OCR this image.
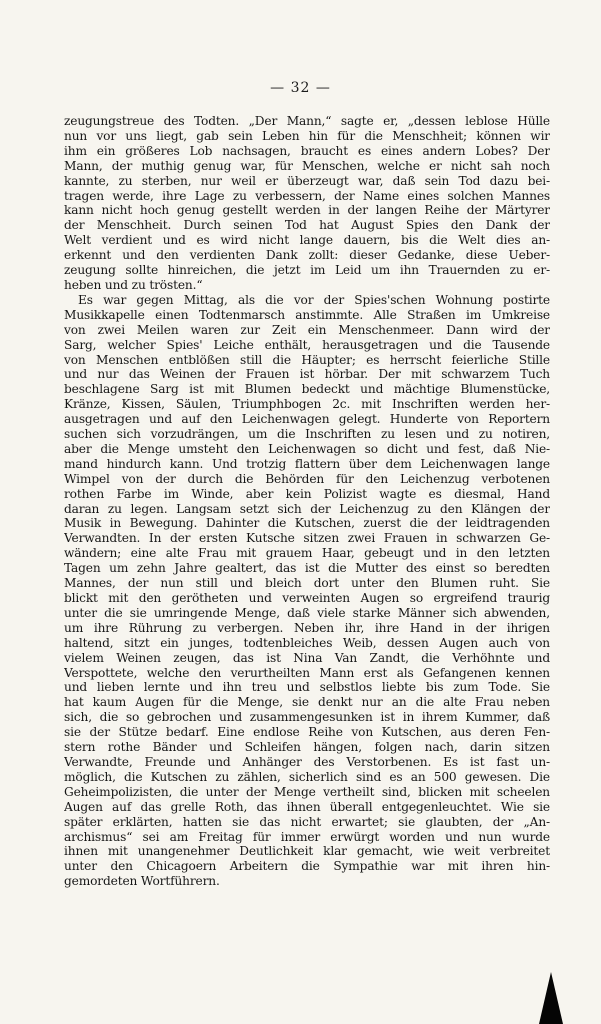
— 32 —
zeugungstreue des Todten. „Der Mann,“ sagte er, „dessen leblose Hülle
nun vor uns liegt, gab sein Leben hin für die Menschheit; können wir
ihm ein größeres Lob nachsagen, braucht es eines andern Lobes? Der
Mann, der muthig genug war, für Menschen, welche er nicht sah noch
kannte, zu sterben, nur weil er überzeugt war, daß sein Tod dazu bei-
tragen werde, ihre Lage zu verbessern, der Name eines solchen Mannes
kann nicht hoch genug gestellt werden in der langen Reihe der Märtyrer
der Menschheit. Durch seinen Tod hat August Spies den Dank der
Welt verdient und es wird nicht lange dauern, bis die Welt dies an-
erkennt und den verdienten Dank zollt: dieser Gedanke, diese Ueber-
zeugung sollte hinreichen, die jetzt im Leid um ihn Trauernden zu er-
heben und zu trösten.“
Es war gegen Mittag, als die vor der Spies'schen Wohnung postirte
Musikkapelle einen Todtenmarsch anstimmte. Alle Straßen im Umkreise
von zwei Meilen waren zur Zeit ein Menschenmeer. Dann wird der
Sarg, welcher Spies' Leiche enthält, herausgetragen und die Tausende
von Menschen entblößen still die Häupter; es herrscht feierliche Stille
und nur das Weinen der Frauen ist hörbar. Der mit schwarzem Tuch
beschlagene Sarg ist mit Blumen bedeckt und mächtige Blumenstücke,
Kränze, Kissen, Säulen, Triumphbogen 2c. mit Inschriften werden her-
ausgetragen und auf den Leichenwagen gelegt. Hunderte von Reportern
suchen sich vorzudrängen, um die Inschriften zu lesen und zu notiren,
aber die Menge umsteht den Leichenwagen so dicht und fest, daß Nie-
mand hindurch kann. Und trotzig flattern über dem Leichenwagen lange
Wimpel von der durch die Behörden für den Leichenzug verbotenen
rothen Farbe im Winde, aber kein Polizist wagte es diesmal, Hand
daran zu legen. Langsam setzt sich der Leichenzug zu den Klängen der
Musik in Bewegung. Dahinter die Kutschen, zuerst die der leidtragenden
Verwandten. In der ersten Kutsche sitzen zwei Frauen in schwarzen Ge-
wändern; eine alte Frau mit grauem Haar, gebeugt und in den letzten
Tagen um zehn Jahre gealtert, das ist die Mutter des einst so beredten
Mannes, der nun still und bleich dort unter den Blumen ruht. Sie
blickt mit den gerötheten und verweinten Augen so ergreifend traurig
unter die sie umringende Menge, daß viele starke Männer sich abwenden,
um ihre Rührung zu verbergen. Neben ihr, ihre Hand in der ihrigen
haltend, sitzt ein junges, todtenbleiches Weib, dessen Augen auch von
vielem Weinen zeugen, das ist Nina Van Zandt, die Verhöhnte und
Verspottete, welche den verurtheilten Mann erst als Gefangenen kennen
und lieben lernte und ihn treu und selbstlos liebte bis zum Tode. Sie
hat kaum Augen für die Menge, sie denkt nur an die alte Frau neben
sich, die so gebrochen und zusammengesunken ist in ihrem Kummer, daß
sie der Stütze bedarf. Eine endlose Reihe von Kutschen, aus deren Fen-
stern rothe Bänder und Schleifen hängen, folgen nach, darin sitzen
Verwandte, Freunde und Anhänger des Verstorbenen. Es ist fast un-
möglich, die Kutschen zu zählen, sicherlich sind es an 500 gewesen. Die
Geheimpolizisten, die unter der Menge vertheilt sind, blicken mit scheelen
Augen auf das grelle Roth, das ihnen überall entgegenleuchtet. Wie sie
später erklärten, hatten sie das nicht erwartet; sie glaubten, der „An-
archismus“ sei am Freitag für immer erwürgt worden und nun wurde
ihnen mit unangenehmer Deutlichkeit klar gemacht, wie weit verbreitet
unter den Chicagoern Arbeitern die Sympathie war mit ihren hin-
gemordeten Wortführern.
